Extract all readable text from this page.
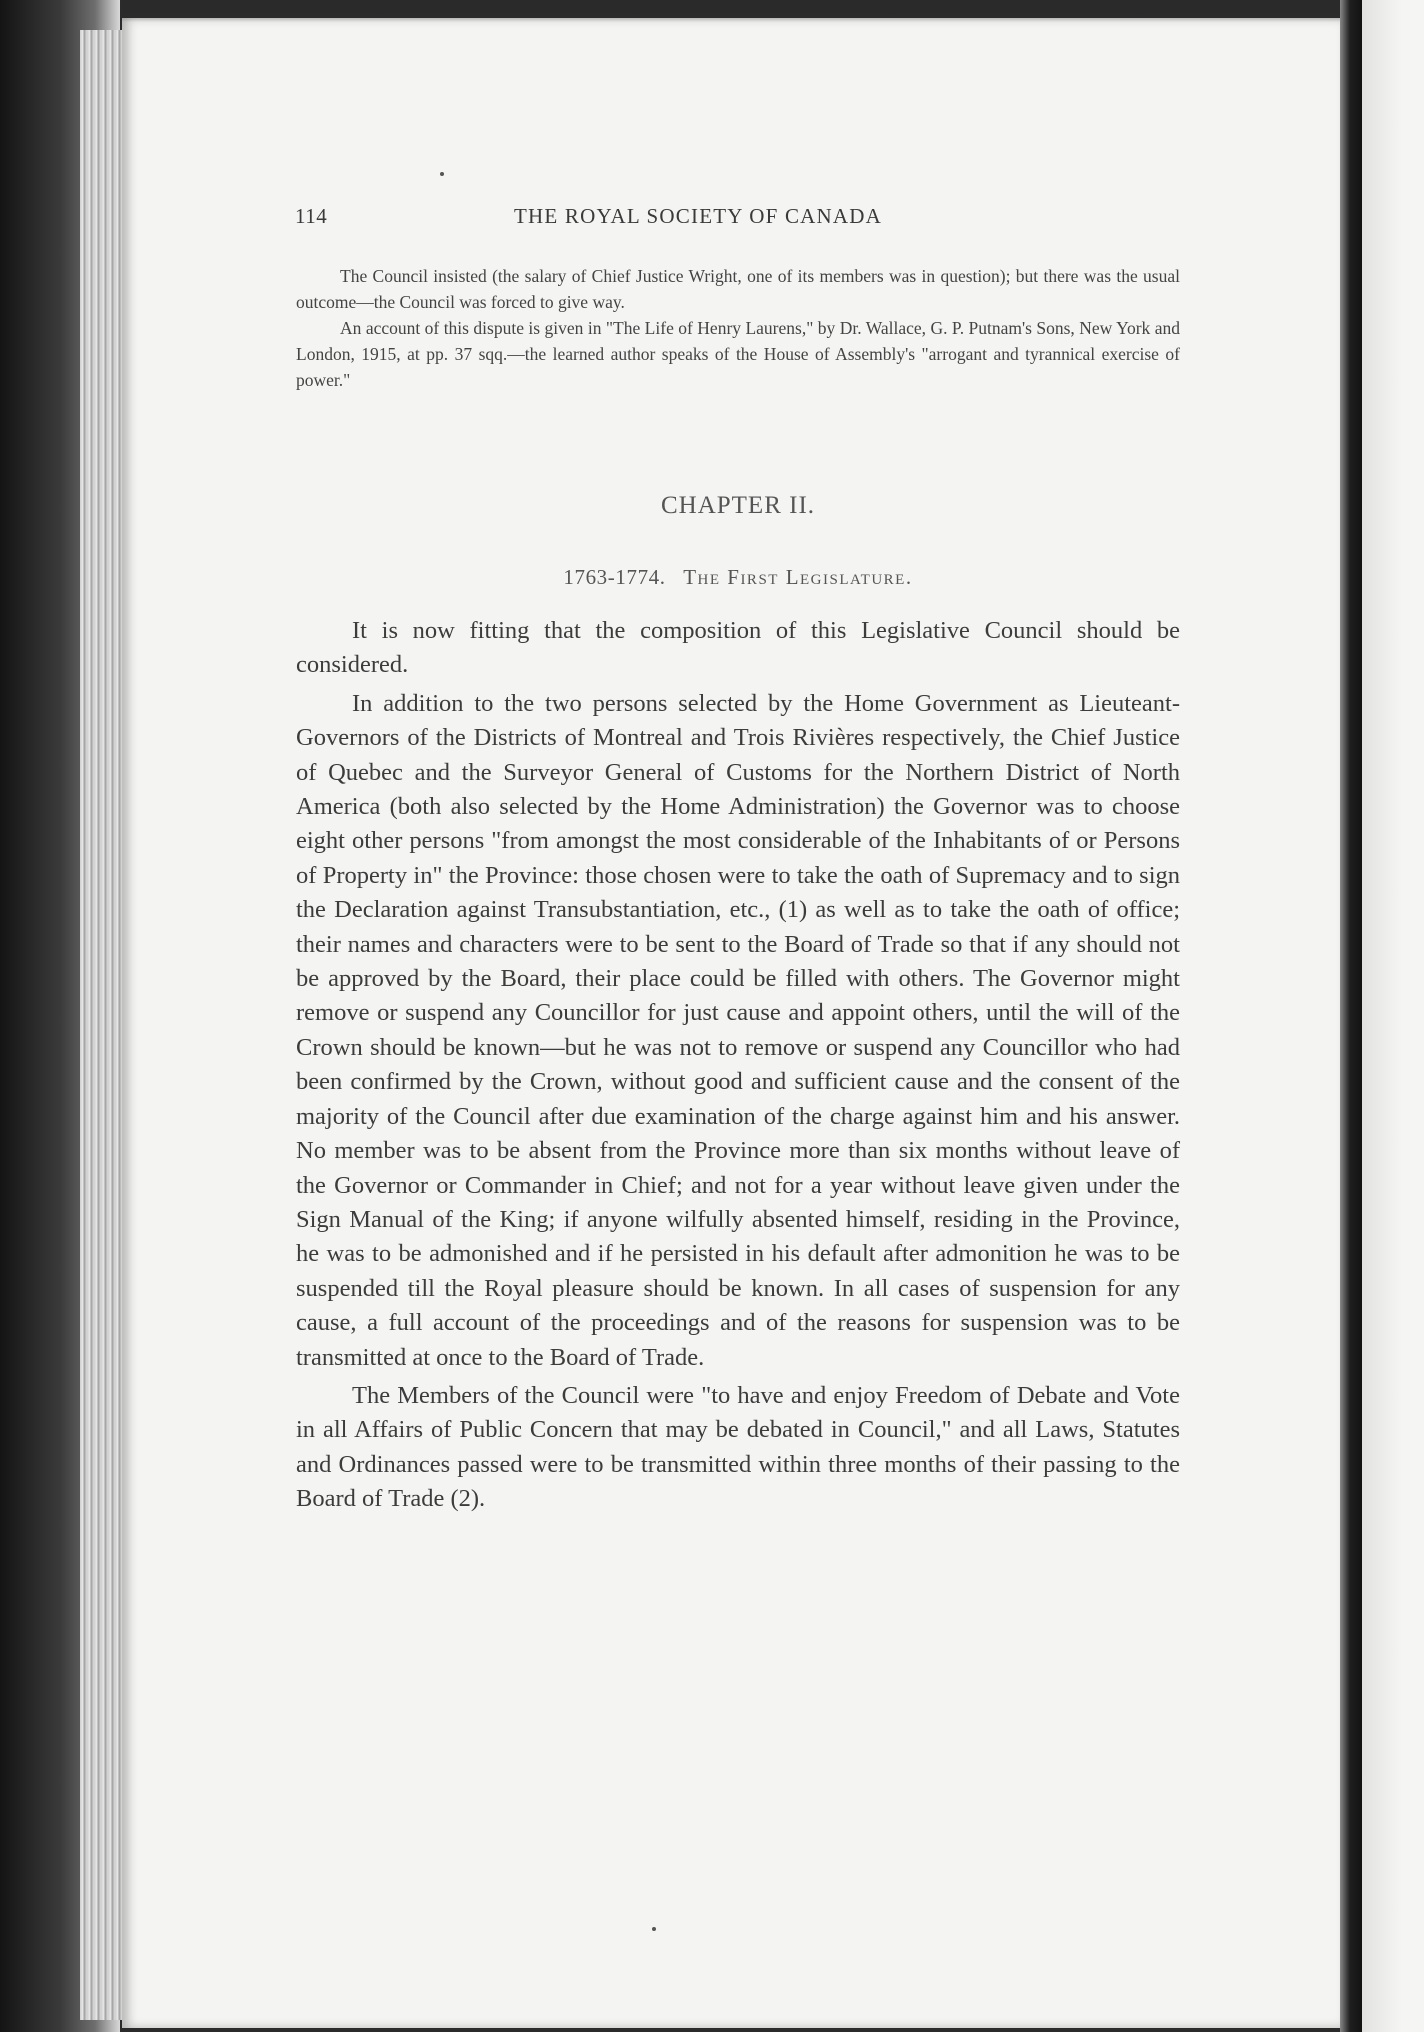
114	THE ROYAL SOCIETY OF CANADA

The Council insisted (the salary of Chief Justice Wright, one of its members was in question); but there was the usual outcome—the Council was forced to give way.

An account of this dispute is given in "The Life of Henry Laurens," by Dr. Wallace, G. P. Putnam's Sons, New York and London, 1915, at pp. 37 sqq.—the learned author speaks of the House of Assembly's "arrogant and tyrannical exercise of power."

CHAPTER II.
1763-1774. The First Legislature.

It is now fitting that the composition of this Legislative Council should be considered.

In addition to the two persons selected by the Home Government as Lieuteant-Governors of the Districts of Montreal and Trois Rivières respectively, the Chief Justice of Quebec and the Surveyor General of Customs for the Northern District of North America (both also selected by the Home Administration) the Governor was to choose eight other persons "from amongst the most considerable of the Inhabitants of or Persons of Property in" the Province: those chosen were to take the oath of Supremacy and to sign the Declaration against Transubstantiation, etc., (1) as well as to take the oath of office; their names and characters were to be sent to the Board of Trade so that if any should not be approved by the Board, their place could be filled with others. The Governor might remove or suspend any Councillor for just cause and appoint others, until the will of the Crown should be known—but he was not to remove or suspend any Councillor who had been confirmed by the Crown, without good and sufficient cause and the consent of the majority of the Council after due examination of the charge against him and his answer. No member was to be absent from the Province more than six months without leave of the Governor or Commander in Chief; and not for a year without leave given under the Sign Manual of the King; if anyone wilfully absented himself, residing in the Province, he was to be admonished and if he persisted in his default after admonition he was to be suspended till the Royal pleasure should be known. In all cases of suspension for any cause, a full account of the proceedings and of the reasons for suspension was to be transmitted at once to the Board of Trade.

The Members of the Council were "to have and enjoy Freedom of Debate and Vote in all Affairs of Public Concern that may be debated in Council," and all Laws, Statutes and Ordinances passed were to be transmitted within three months of their passing to the Board of Trade (2).
